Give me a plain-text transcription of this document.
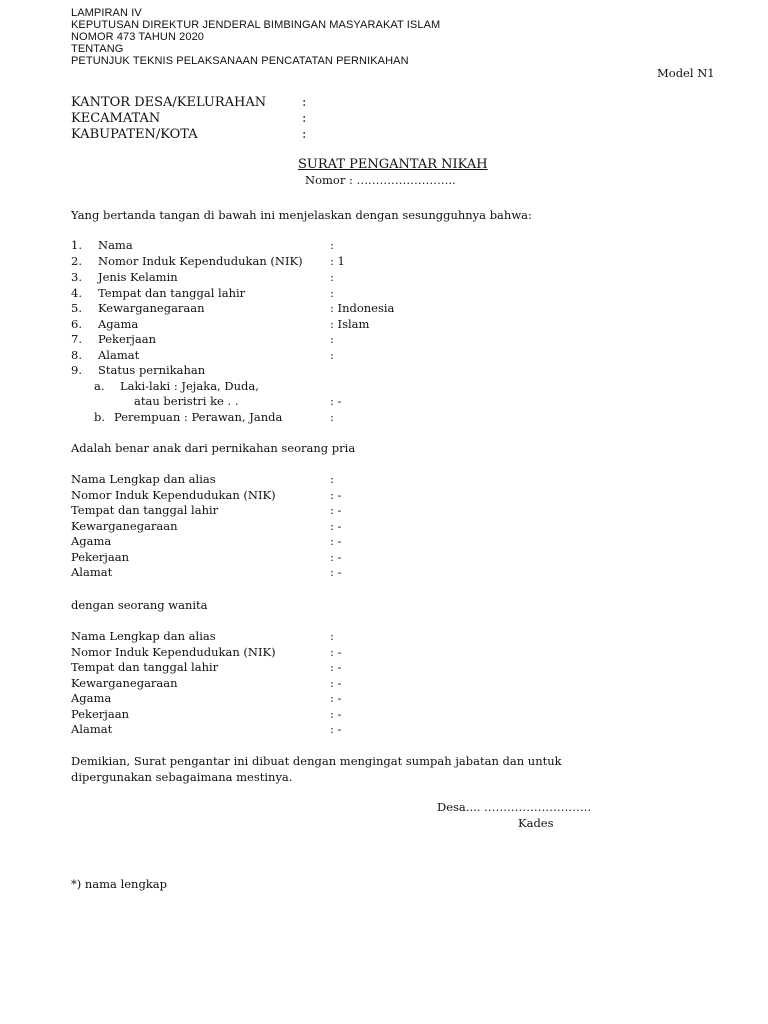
LAMPIRAN IV
KEPUTUSAN DIREKTUR JENDERAL BIMBINGAN MASYARAKAT ISLAM
NOMOR 473 TAHUN 2020
TENTANG
PETUNJUK TEKNIS PELAKSANAAN PENCATATAN PERNIKAHAN
Model N1
KANTOR DESA/KELURAHAN	:
KECAMATAN	:
KABUPATEN/KOTA	:
SURAT PENGANTAR NIKAH
Nomor : ……………………..
Yang bertanda tangan di bawah ini menjelaskan dengan sesungguhnya bahwa:
1. Nama	:
2. Nomor Induk Kependudukan (NIK) : 1
3. Jenis Kelamin	:
4. Tempat dan tanggal lahir	:
5. Kewarganegaraan	: Indonesia
6. Agama	: Islam
7. Pekerjaan	:
8. Alamat	:
9. Status pernikahan
a. Laki-laki : Jejaka, Duda,
atau beristri ke . .	: -
b. Perempuan : Perawan, Janda	:
Adalah benar anak dari pernikahan seorang pria
Nama Lengkap dan alias	:
Nomor Induk Kependudukan (NIK)	: -
Tempat dan tanggal lahir	: -
Kewarganegaraan	: -
Agama	: -
Pekerjaan	: -
Alamat	: -
dengan seorang wanita
Nama Lengkap dan alias	:
Nomor Induk Kependudukan (NIK)	: -
Tempat dan tanggal lahir	: -
Kewarganegaraan	: -
Agama	: -
Pekerjaan	: -
Alamat	: -
Demikian, Surat pengantar ini dibuat dengan mengingat sumpah jabatan dan untuk
dipergunakan sebagaimana mestinya.
Desa.... ……………………….
Kades
*) nama lengkap
